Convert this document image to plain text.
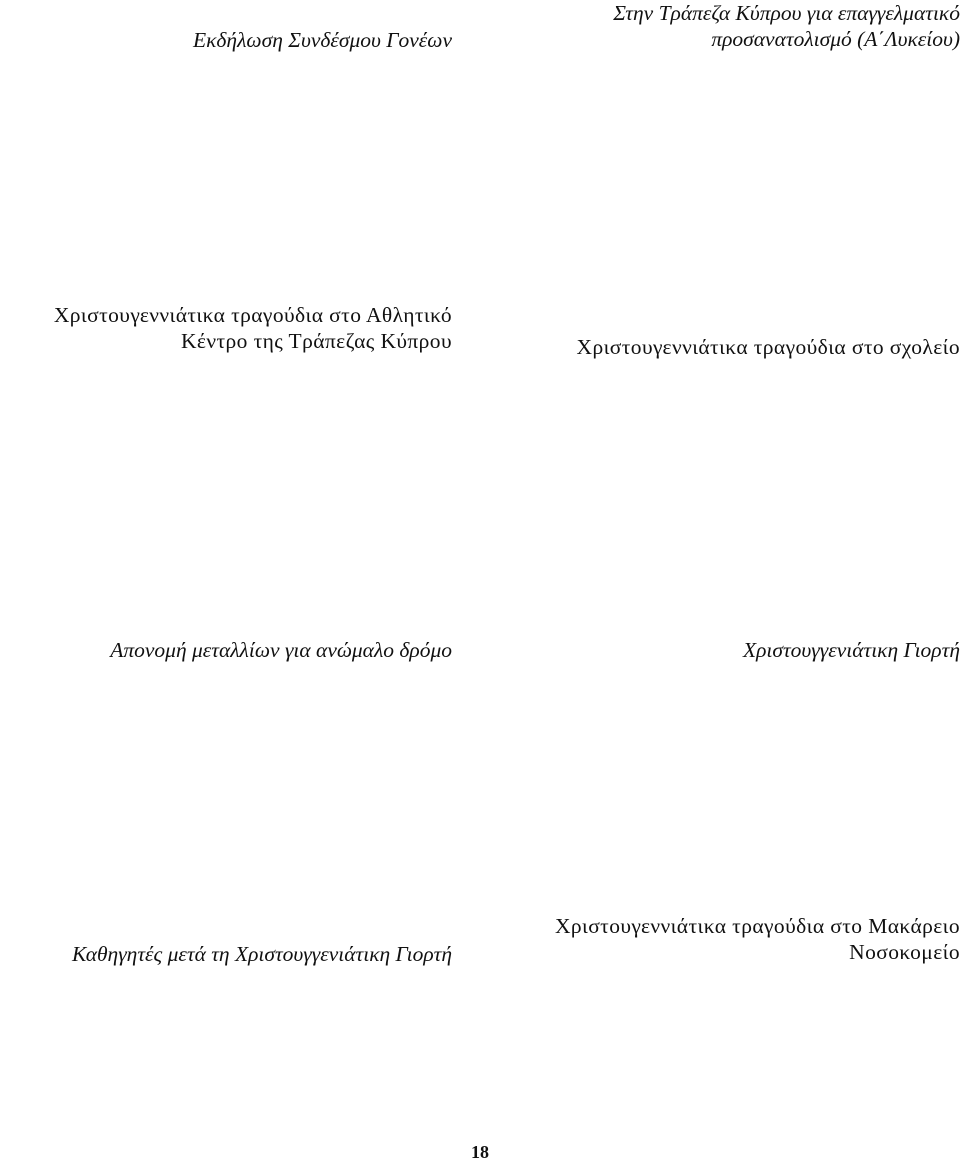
Εκδήλωση Συνδέσμου Γονέων
Στην Τράπεζα Κύπρου για επαγγελματικό
προσανατολισμό (Α΄Λυκείου)
Χριστουγεννιάτικα τραγούδια στο Αθλητικό
Κέντρο της Τράπεζας Κύπρου	Χριστουγεννιάτικα τραγούδια στο σχολείο
Απονομή μεταλλίων για ανώμαλο δρόμο	Χριστουγγενιάτικη Γιορτή
Καθηγητές μετά τη Χριστουγγενιάτικη Γιορτή
Χριστουγεννιάτικα τραγούδια στο Μακάρειο
Νοσοκομείο
18
